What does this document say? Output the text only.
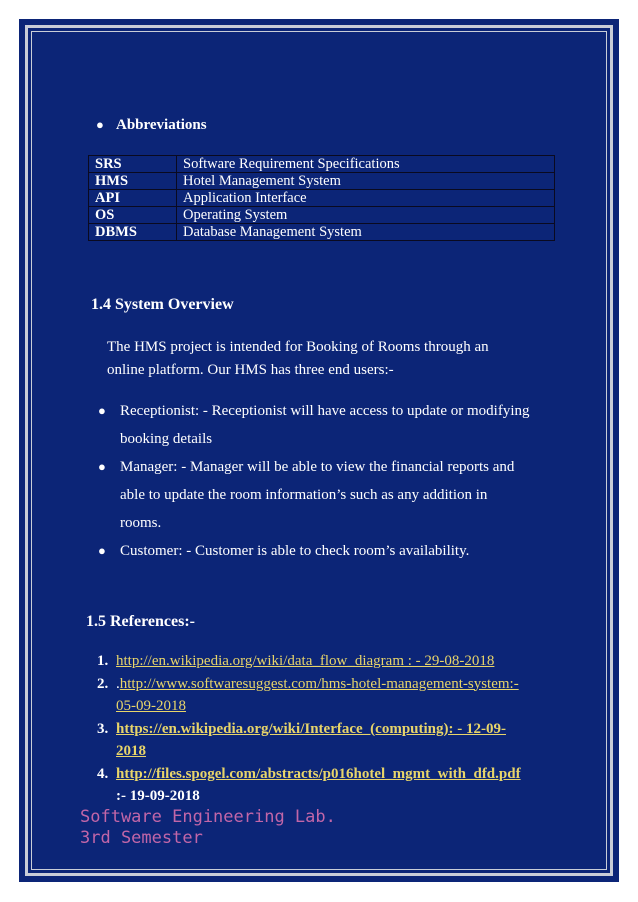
● Abbreviations
SRS	Software Requirement Specifications
HMS	Hotel Management System
API	Application Interface
OS	Operating System
DBMS	Database Management System
1.4 System Overview
The HMS project is intended for Booking of Rooms through an
online platform. Our HMS has three end users:-
● Receptionist: - Receptionist will have access to update or modifying
booking details
● Manager: - Manager will be able to view the financial reports and
able to update the room information’s such as any addition in
rooms.
● Customer: - Customer is able to check room’s availability.
1.5 References:-
1. http://en.wikipedia.org/wiki/data_flow_diagram : - 29-08-2018
2. .http://www.softwaresuggest.com/hms-hotel-management-system:-
05-09-2018
3. https://en.wikipedia.org/wiki/Interface_(computing): - 12-09-
2018
4. http://files.spogel.com/abstracts/p016hotel_mgmt_with_dfd.pdf
:- 19-09-2018
Software Engineering Lab.
3rd Semester
